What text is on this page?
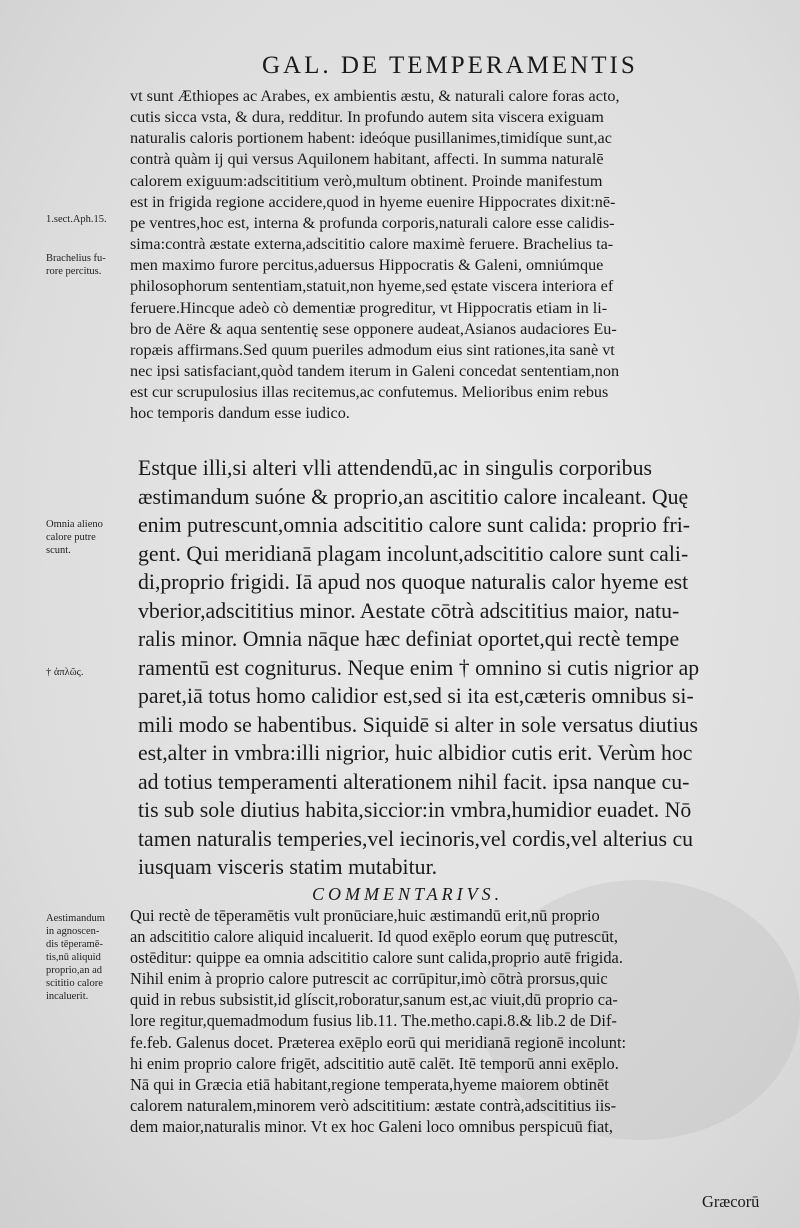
GAL. DE TEMPERAMENTIS
vt sunt Æthiopes ac Arabes, ex ambientis æstu, & naturali calore foras acto,
cutis sicca vsta, & dura, redditur. In profundo autem sita viscera exiguam
naturalis caloris portionem habent: ideóque pusillanimes,timidíque sunt,ac
contrà quàm ij qui versus Aquilonem habitant, affecti. In summa naturalē
calorem exiguum:adscititium verò,multum obtinent. Proinde manifestum
est in frigida regione accidere,quod in hyeme euenire Hippocrates dixit:nē-
pe ventres,hoc est, interna & profunda corporis,naturali calore esse calidis-
sima:contrà æstate externa,adscititio calore maximè feruere. Brachelius ta-
men maximo furore percitus,aduersus Hippocratis & Galeni, omniúmque
philosophorum sententiam,statuit,non hyeme,sed ęstate viscera interiora ef
feruere.Hincque adeò cò dementiæ progreditur, vt Hippocratis etiam in li-
bro de Aëre & aqua sententię sese opponere audeat,Asianos audaciores Eu-
ropæis affirmans.Sed quum pueriles admodum eius sint rationes,ita sanè vt
nec ipsi satisfaciant,quòd tandem iterum in Galeni concedat sententiam,non
est cur scrupulosius illas recitemus,ac confutemus. Melioribus enim rebus
hoc temporis dandum esse iudico.
Estque illi,si alteri vlli attendendū,ac in singulis corporibus
æstimandum suóne & proprio,an ascititio calore incaleant. Quę
enim putrescunt,omnia adscititio calore sunt calida: proprio fri-
gent. Qui meridianā plagam incolunt,adscititio calore sunt cali-
di,proprio frigidi. Iā apud nos quoque naturalis calor hyeme est
vberior,adscititius minor. Aestate cōtrà adscititius maior, natu-
ralis minor. Omnia nāque hæc definiat oportet,qui rectè tempe
ramentū est cogniturus. Neque enim † omnino si cutis nigrior ap
paret,iā totus homo calidior est,sed si ita est,cæteris omnibus si-
mili modo se habentibus. Siquidē si alter in sole versatus diutius
est,alter in vmbra:illi nigrior, huic albidior cutis erit. Verùm hoc
ad totius temperamenti alterationem nihil facit. ipsa nanque cu-
tis sub sole diutius habita,siccior:in vmbra,humidior euadet. Nō
tamen naturalis temperies,vel iecinoris,vel cordis,vel alterius cu
iusquam visceris statim mutabitur.
COMMENTARIVS.
Qui rectè de tēperamētis vult pronūciare,huic æstimandū erit,nū proprio
an adscititio calore aliquid incaluerit. Id quod exēplo eorum quę putrescūt,
ostēditur: quippe ea omnia adscititio calore sunt calida,proprio autē frigida.
Nihil enim à proprio calore putrescit ac corrūpitur,imò cōtrà prorsus,quic
quid in rebus subsistit,id glíscit,roboratur,sanum est,ac viuit,dū proprio ca-
lore regitur,quemadmodum fusius lib.11. The.metho.capi.8.& lib.2 de Dif-
fe.feb. Galenus docet. Præterea exēplo eorū qui meridianā regionē incolunt:
hi enim proprio calore frigēt, adscititio autē calēt. Itē temporū anni exēplo.
Nā qui in Græcia etiā habitant,regione temperata,hyeme maiorem obtinēt
calorem naturalem,minorem verò adscititium: æstate contrà,adscititius iis-
dem maior,naturalis minor. Vt ex hoc Galeni loco omnibus perspicuū fiat,
1.sect.Aph.15.
Brachelius fu-
rore percitus.
Omnia alieno
calore putre
scunt.
† ἁπλῶς.
Aestimandum
in agnoscen-
dis tēperamē-
tis,nū aliquid
proprio,an ad
scititio calore
incaluerit.
Græcorū
